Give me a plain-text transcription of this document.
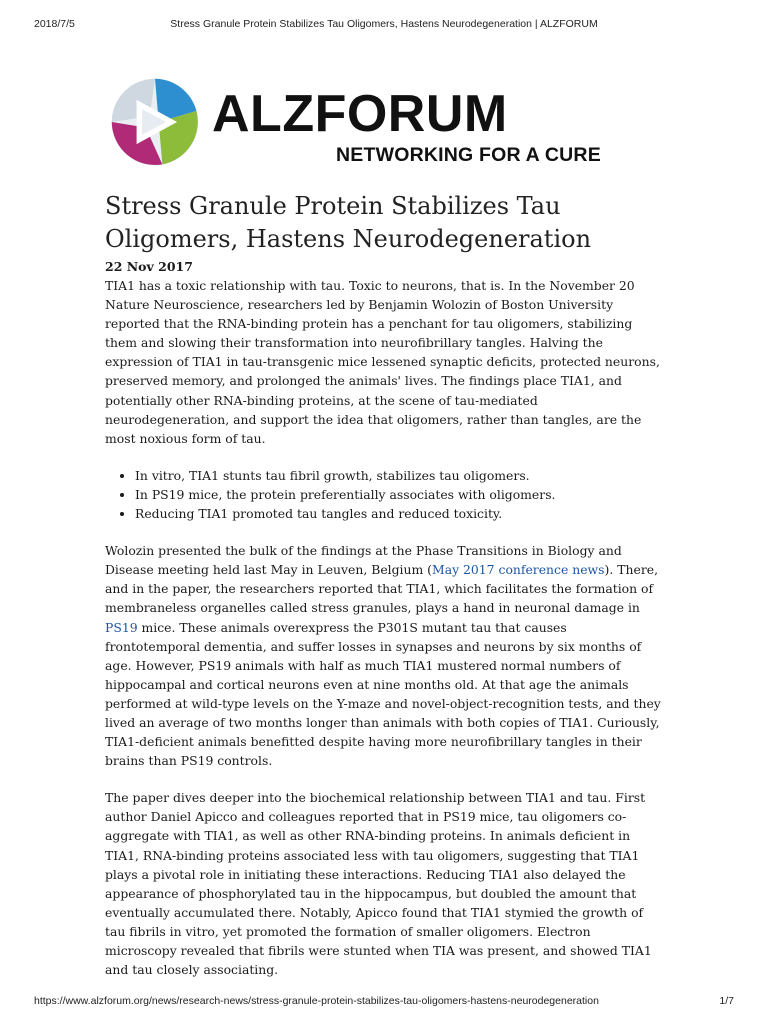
2018/7/5	Stress Granule Protein Stabilizes Tau Oligomers, Hastens Neurodegeneration | ALZFORUM
ALZFORUM
NETWORKING FOR A CURE
Stress Granule Protein Stabilizes Tau Oligomers, Hastens Neurodegeneration
22 Nov 2017

TIA1 has a toxic relationship with tau. Toxic to neurons, that is. In the November 20 Nature Neuroscience, researchers led by Benjamin Wolozin of Boston University reported that the RNA-binding protein has a penchant for tau oligomers, stabilizing them and slowing their transformation into neurofibrillary tangles. Halving the expression of TIA1 in tau-transgenic mice lessened synaptic deficits, protected neurons, preserved memory, and prolonged the animals' lives. The findings place TIA1, and potentially other RNA-binding proteins, at the scene of tau-mediated neurodegeneration, and support the idea that oligomers, rather than tangles, are the most noxious form of tau.

• In vitro, TIA1 stunts tau fibril growth, stabilizes tau oligomers.
• In PS19 mice, the protein preferentially associates with oligomers.
• Reducing TIA1 promoted tau tangles and reduced toxicity.

Wolozin presented the bulk of the findings at the Phase Transitions in Biology and Disease meeting held last May in Leuven, Belgium (May 2017 conference news). There, and in the paper, the researchers reported that TIA1, which facilitates the formation of membraneless organelles called stress granules, plays a hand in neuronal damage in PS19 mice. These animals overexpress the P301S mutant tau that causes frontotemporal dementia, and suffer losses in synapses and neurons by six months of age. However, PS19 animals with half as much TIA1 mustered normal numbers of hippocampal and cortical neurons even at nine months old. At that age the animals performed at wild-type levels on the Y-maze and novel-object-recognition tests, and they lived an average of two months longer than animals with both copies of TIA1. Curiously, TIA1-deficient animals benefitted despite having more neurofibrillary tangles in their brains than PS19 controls.

The paper dives deeper into the biochemical relationship between TIA1 and tau. First author Daniel Apicco and colleagues reported that in PS19 mice, tau oligomers co-aggregate with TIA1, as well as other RNA-binding proteins. In animals deficient in TIA1, RNA-binding proteins associated less with tau oligomers, suggesting that TIA1 plays a pivotal role in initiating these interactions. Reducing TIA1 also delayed the appearance of phosphorylated tau in the hippocampus, but doubled the amount that eventually accumulated there. Notably, Apicco found that TIA1 stymied the growth of tau fibrils in vitro, yet promoted the formation of smaller oligomers. Electron microscopy revealed that fibrils were stunted when TIA was present, and showed TIA1 and tau closely associating.

https://www.alzforum.org/news/research-news/stress-granule-protein-stabilizes-tau-oligomers-hastens-neurodegeneration	1/7
